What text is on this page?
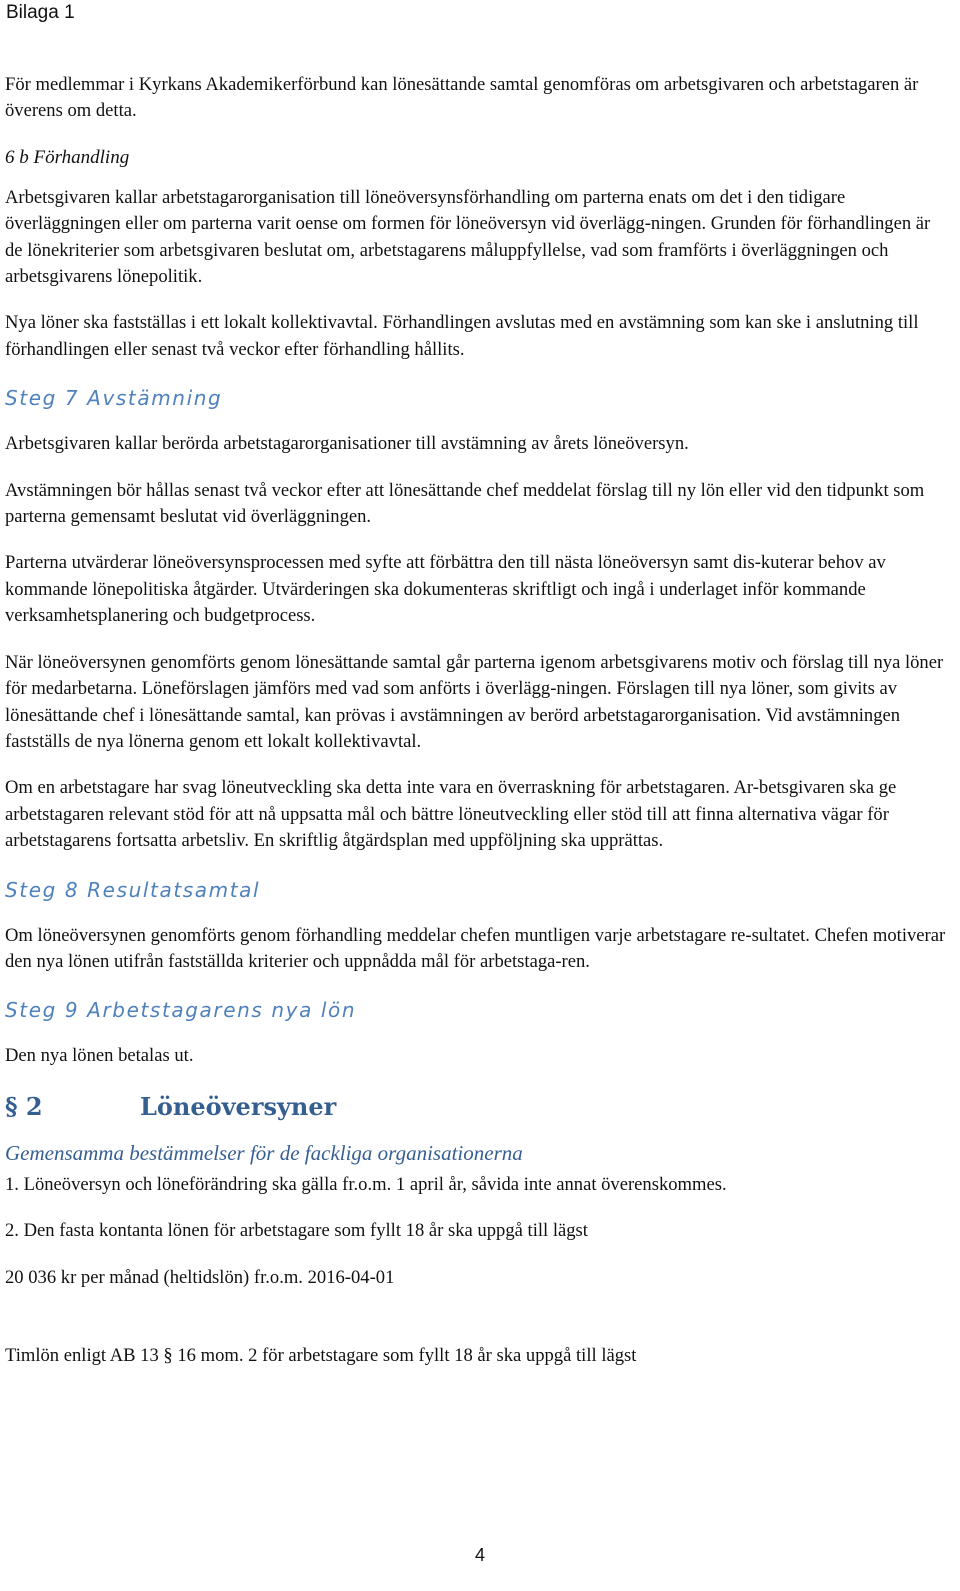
Bilaga 1

För medlemmar i Kyrkans Akademikerförbund kan lönesättande samtal genomföras om arbetsgivaren och arbetstagaren är överens om detta.

6 b Förhandling

Arbetsgivaren kallar arbetstagarorganisation till löneöversynsförhandling om parterna enats om det i den tidigare överläggningen eller om parterna varit oense om formen för löneöversyn vid överlägg-ningen. Grunden för förhandlingen är de lönekriterier som arbetsgivaren beslutat om, arbetstagarens måluppfyllelse, vad som framförts i överläggningen och arbetsgivarens lönepolitik.

Nya löner ska fastställas i ett lokalt kollektivavtal. Förhandlingen avslutas med en avstämning som kan ske i anslutning till förhandlingen eller senast två veckor efter förhandling hållits.

Steg 7 Avstämning

Arbetsgivaren kallar berörda arbetstagarorganisationer till avstämning av årets löneöversyn.

Avstämningen bör hållas senast två veckor efter att lönesättande chef meddelat förslag till ny lön eller vid den tidpunkt som parterna gemensamt beslutat vid överläggningen.

Parterna utvärderar löneöversynsprocessen med syfte att förbättra den till nästa löneöversyn samt dis-kuterar behov av kommande lönepolitiska åtgärder. Utvärderingen ska dokumenteras skriftligt och ingå i underlaget inför kommande verksamhetsplanering och budgetprocess.

När löneöversynen genomförts genom lönesättande samtal går parterna igenom arbetsgivarens motiv och förslag till nya löner för medarbetarna. Löneförslagen jämförs med vad som anförts i överlägg-ningen. Förslagen till nya löner, som givits av lönesättande chef i lönesättande samtal, kan prövas i avstämningen av berörd arbetstagarorganisation. Vid avstämningen fastställs de nya lönerna genom ett lokalt kollektivavtal.

Om en arbetstagare har svag löneutveckling ska detta inte vara en överraskning för arbetstagaren. Ar-betsgivaren ska ge arbetstagaren relevant stöd för att nå uppsatta mål och bättre löneutveckling eller stöd till att finna alternativa vägar för arbetstagarens fortsatta arbetsliv. En skriftlig åtgärdsplan med uppföljning ska upprättas.

Steg 8 Resultatsamtal

Om löneöversynen genomförts genom förhandling meddelar chefen muntligen varje arbetstagare re-sultatet. Chefen motiverar den nya lönen utifrån fastställda kriterier och uppnådda mål för arbetstaga-ren.

Steg 9 Arbetstagarens nya lön

Den nya lönen betalas ut.

§ 2	Löneöversyner
Gemensamma bestämmelser för de fackliga organisationerna

1. Löneöversyn och löneförändring ska gälla fr.o.m. 1 april år, såvida inte annat överenskommes.

2. Den fasta kontanta lönen för arbetstagare som fyllt 18 år ska uppgå till lägst

20 036 kr per månad (heltidslön) fr.o.m. 2016-04-01

Timlön enligt AB 13 § 16 mom. 2 för arbetstagare som fyllt 18 år ska uppgå till lägst

4
